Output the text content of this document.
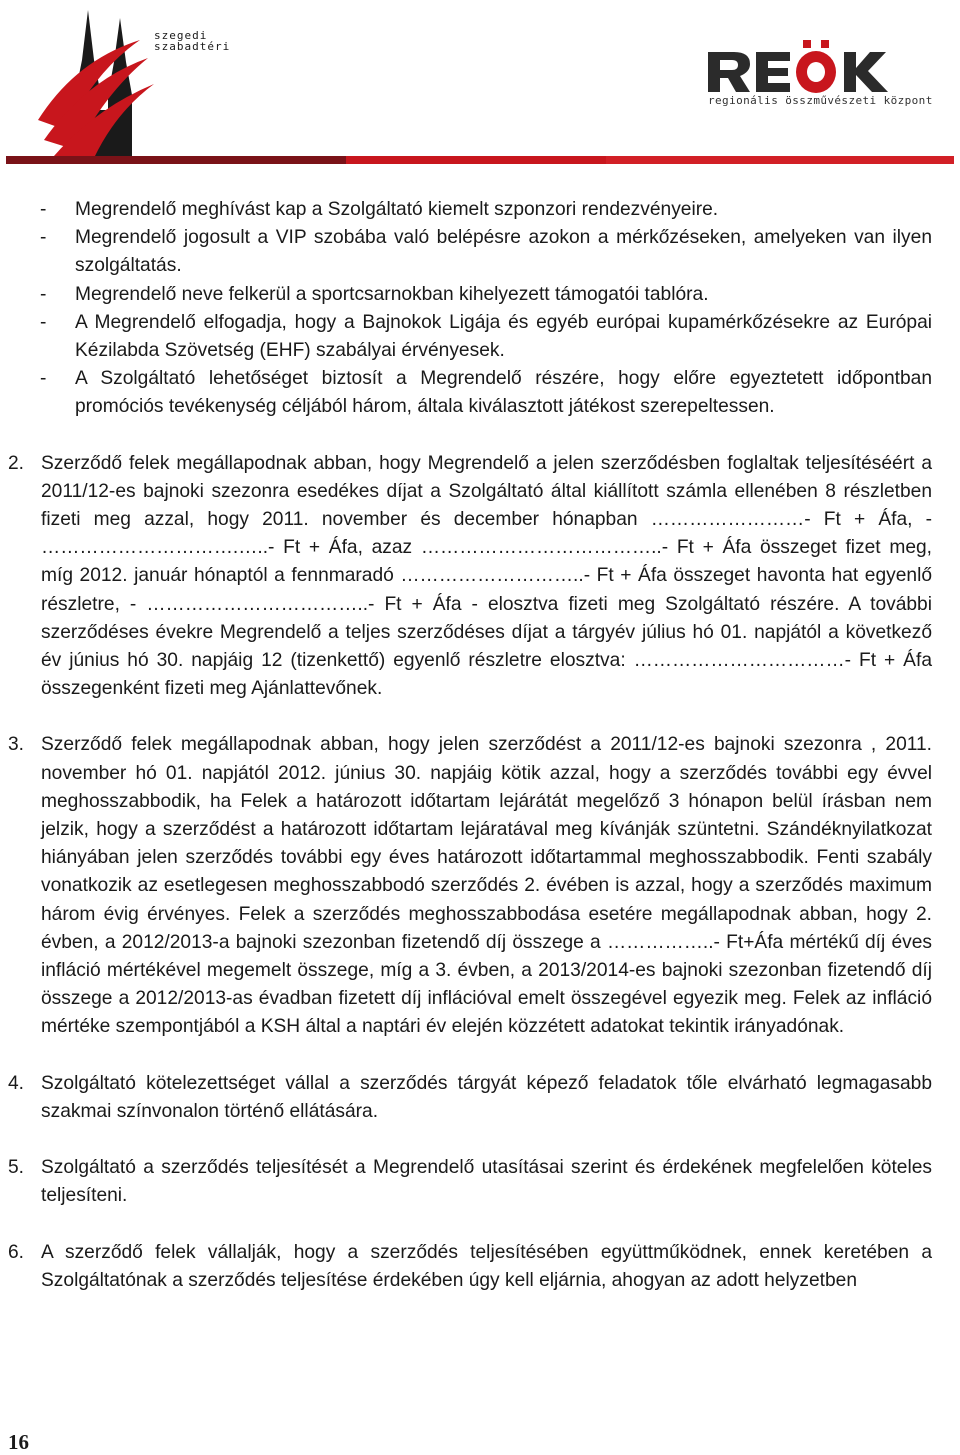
szegedi
szabadtéri
regionális összművészeti központ
-
Megrendelő meghívást kap a Szolgáltató kiemelt szponzori rendezvényeire.
-
Megrendelő jogosult a VIP szobába való belépésre azokon a mérkőzéseken, amelyeken van ilyen szolgáltatás.
-
Megrendelő neve felkerül a sportcsarnokban kihelyezett támogatói tablóra.
-
A Megrendelő elfogadja, hogy a Bajnokok Ligája és egyéb európai kupamérkőzésekre az Európai Kézilabda Szövetség (EHF) szabályai érvényesek.
-
A Szolgáltató lehetőséget biztosít a Megrendelő részére, hogy előre egyeztetett időpontban promóciós tevékenység céljából három, általa kiválasztott játékost szerepeltessen.
2. Szerződő felek megállapodnak abban, hogy Megrendelő a jelen szerződésben foglaltak teljesítéséért a 2011/12-es bajnoki szezonra esedékes díjat a Szolgáltató által kiállított számla ellenében 8 részletben fizeti meg azzal, hogy 2011. november és december hónapban ……………………- Ft + Áfa, - ………………………….…..- Ft + Áfa, azaz ………………………………..- Ft + Áfa összeget fizet meg, míg 2012. január hónaptól a fennmaradó ………………………..- Ft + Áfa összeget havonta hat egyenlő részletre, - ……………………………..- Ft + Áfa - elosztva fizeti meg Szolgáltató részére. A további szerződéses évekre Megrendelő a teljes szerződéses díjat a tárgyév július hó 01. napjától a következő év június hó 30. napjáig 12 (tizenkettő) egyenlő részletre elosztva: ……………………………- Ft + Áfa összegenként fizeti meg Ajánlattevőnek.
3. Szerződő felek megállapodnak abban, hogy jelen szerződést a 2011/12-es bajnoki szezonra , 2011. november hó 01. napjától 2012. június 30. napjáig kötik azzal, hogy a szerződés további egy évvel meghosszabbodik, ha Felek a határozott időtartam lejárátát megelőző 3 hónapon belül írásban nem jelzik, hogy a szerződést a határozott időtartam lejáratával meg kívánják szüntetni. Szándéknyilatkozat hiányában jelen szerződés további egy éves határozott időtartammal meghosszabbodik. Fenti szabály vonatkozik az esetlegesen meghosszabbodó szerződés 2. évében is azzal, hogy a szerződés maximum három évig érvényes. Felek a szerződés meghosszabbodása esetére megállapodnak abban, hogy 2. évben, a 2012/2013-a bajnoki szezonban fizetendő díj összege a ……………..- Ft+Áfa mértékű díj éves infláció mértékével megemelt összege, míg a 3. évben, a 2013/2014-es bajnoki szezonban fizetendő díj összege a 2012/2013-as évadban fizetett díj inflációval emelt összegével egyezik meg. Felek az infláció mértéke szempontjából a KSH által a naptári év elején közzétett adatokat tekintik irányadónak.
4. Szolgáltató kötelezettséget vállal a szerződés tárgyát képező feladatok tőle elvárható legmagasabb szakmai színvonalon történő ellátására.
5. Szolgáltató a szerződés teljesítését a Megrendelő utasításai szerint és érdekének megfelelően köteles teljesíteni.
6. A szerződő felek vállalják, hogy a szerződés teljesítésében együttműködnek, ennek keretében a Szolgáltatónak a szerződés teljesítése érdekében úgy kell eljárnia, ahogyan az adott helyzetben
16
